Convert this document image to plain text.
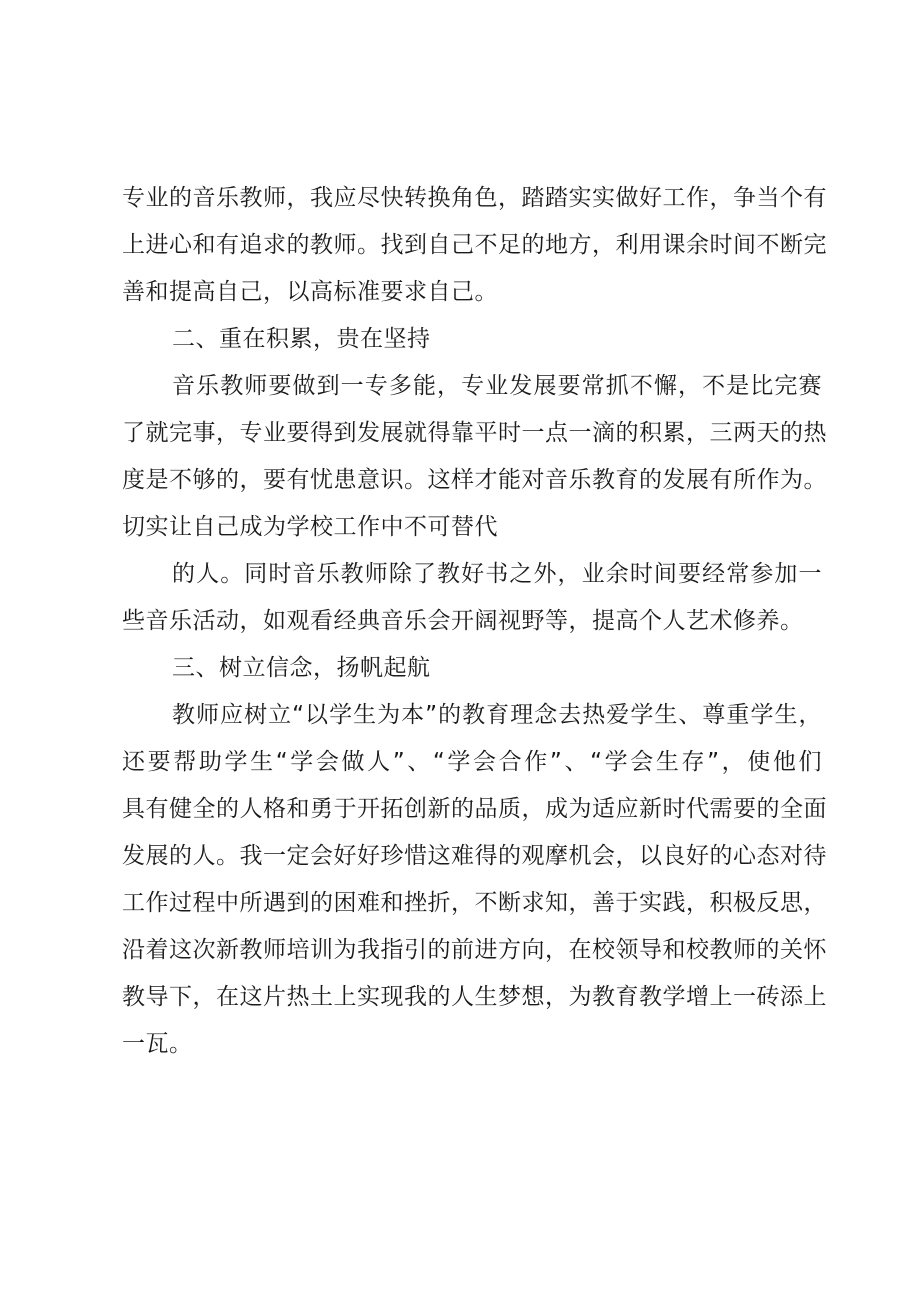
专业的音乐教师，我应尽快转换角色，踏踏实实做好工作，争当个有
上进心和有追求的教师。找到自己不足的地方，利用课余时间不断完
善和提高自己，以高标准要求自己。
二、重在积累，贵在坚持
音乐教师要做到一专多能，专业发展要常抓不懈，不是比完赛
了就完事，专业要得到发展就得靠平时一点一滴的积累，三两天的热
度是不够的，要有忧患意识。这样才能对音乐教育的发展有所作为。
切实让自己成为学校工作中不可替代
的人。同时音乐教师除了教好书之外，业余时间要经常参加一
些音乐活动，如观看经典音乐会开阔视野等，提高个人艺术修养。
三、树立信念，扬帆起航
教师应树立“以学生为本”的教育理念去热爱学生、尊重学生，
还要帮助学生“学会做人”、“学会合作”、“学会生存”，使他们
具有健全的人格和勇于开拓创新的品质，成为适应新时代需要的全面
发展的人。我一定会好好珍惜这难得的观摩机会，以良好的心态对待
工作过程中所遇到的困难和挫折，不断求知，善于实践，积极反思，
沿着这次新教师培训为我指引的前进方向，在校领导和校教师的关怀
教导下，在这片热土上实现我的人生梦想，为教育教学增上一砖添上
一瓦。
